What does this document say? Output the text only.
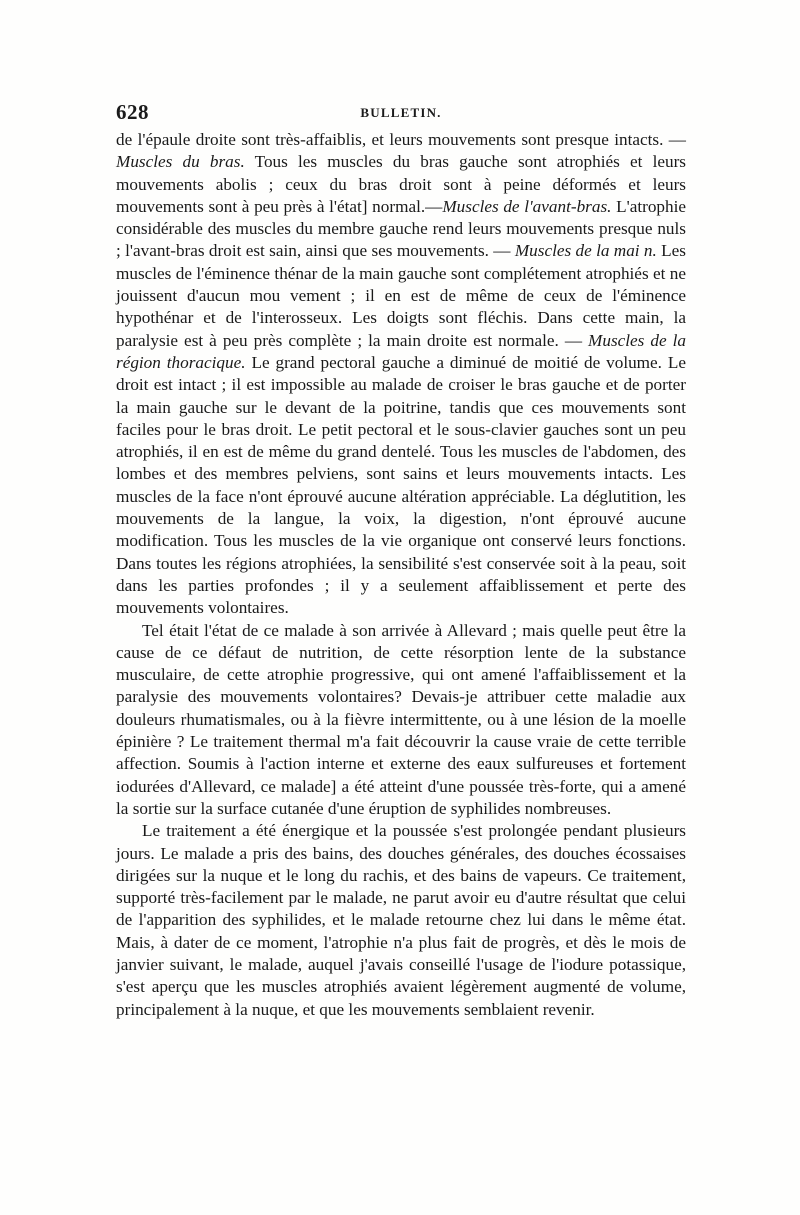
628	BULLETIN.

de l'épaule droite sont très-affaiblis, et leurs mouvements sont presque intacts. — Muscles du bras. Tous les muscles du bras gauche sont atrophiés et leurs mouvements abolis ; ceux du bras droit sont à peine déformés et leurs mouvements sont à peu près à l'état] normal.—Muscles de l'avant-bras. L'atrophie considérable des muscles du membre gauche rend leurs mouvements presque nuls ; l'avant-bras droit est sain, ainsi que ses mouvements. — Muscles de la mai n. Les muscles de l'éminence thénar de la main gauche sont complétement atrophiés et ne jouissent d'aucun mou vement ; il en est de même de ceux de l'éminence hypothénar et de l'interosseux. Les doigts sont fléchis. Dans cette main, la paralysie est à peu près complète ; la main droite est normale. — Muscles de la région thoracique. Le grand pectoral gauche a diminué de moitié de volume. Le droit est intact ; il est impossible au malade de croiser le bras gauche et de porter la main gauche sur le devant de la poitrine, tandis que ces mouvements sont faciles pour le bras droit. Le petit pectoral et le sous-clavier gauches sont un peu atrophiés, il en est de même du grand dentelé. Tous les muscles de l'abdomen, des lombes et des membres pelviens, sont sains et leurs mouvements intacts. Les muscles de la face n'ont éprouvé aucune altération appréciable. La déglutition, les mouvements de la langue, la voix, la digestion, n'ont éprouvé aucune modification. Tous les muscles de la vie organique ont conservé leurs fonctions. Dans toutes les régions atrophiées, la sensibilité s'est conservée soit à la peau, soit dans les parties profondes ; il y a seulement affaiblissement et perte des mouvements volontaires.

Tel était l'état de ce malade à son arrivée à Allevard ; mais quelle peut être la cause de ce défaut de nutrition, de cette résorption lente de la substance musculaire, de cette atrophie progressive, qui ont amené l'affaiblissement et la paralysie des mouvements volontaires? Devais-je attribuer cette maladie aux douleurs rhumatismales, ou à la fièvre intermittente, ou à une lésion de la moelle épinière ? Le traitement thermal m'a fait découvrir la cause vraie de cette terrible affection. Soumis à l'action interne et externe des eaux sulfureuses et fortement iodurées d'Allevard, ce malade] a été atteint d'une poussée très-forte, qui a amené la sortie sur la surface cutanée d'une éruption de syphilides nombreuses.

Le traitement a été énergique et la poussée s'est prolongée pendant plusieurs jours. Le malade a pris des bains, des douches générales, des douches écossaises dirigées sur la nuque et le long du rachis, et des bains de vapeurs. Ce traitement, supporté très-facilement par le malade, ne parut avoir eu d'autre résultat que celui de l'apparition des syphilides, et le malade retourne chez lui dans le même état. Mais, à dater de ce moment, l'atrophie n'a plus fait de progrès, et dès le mois de janvier suivant, le malade, auquel j'avais conseillé l'usage de l'iodure potassique, s'est aperçu que les muscles atrophiés avaient légèrement augmenté de volume, principalement à la nuque, et que les mouvements semblaient revenir.
